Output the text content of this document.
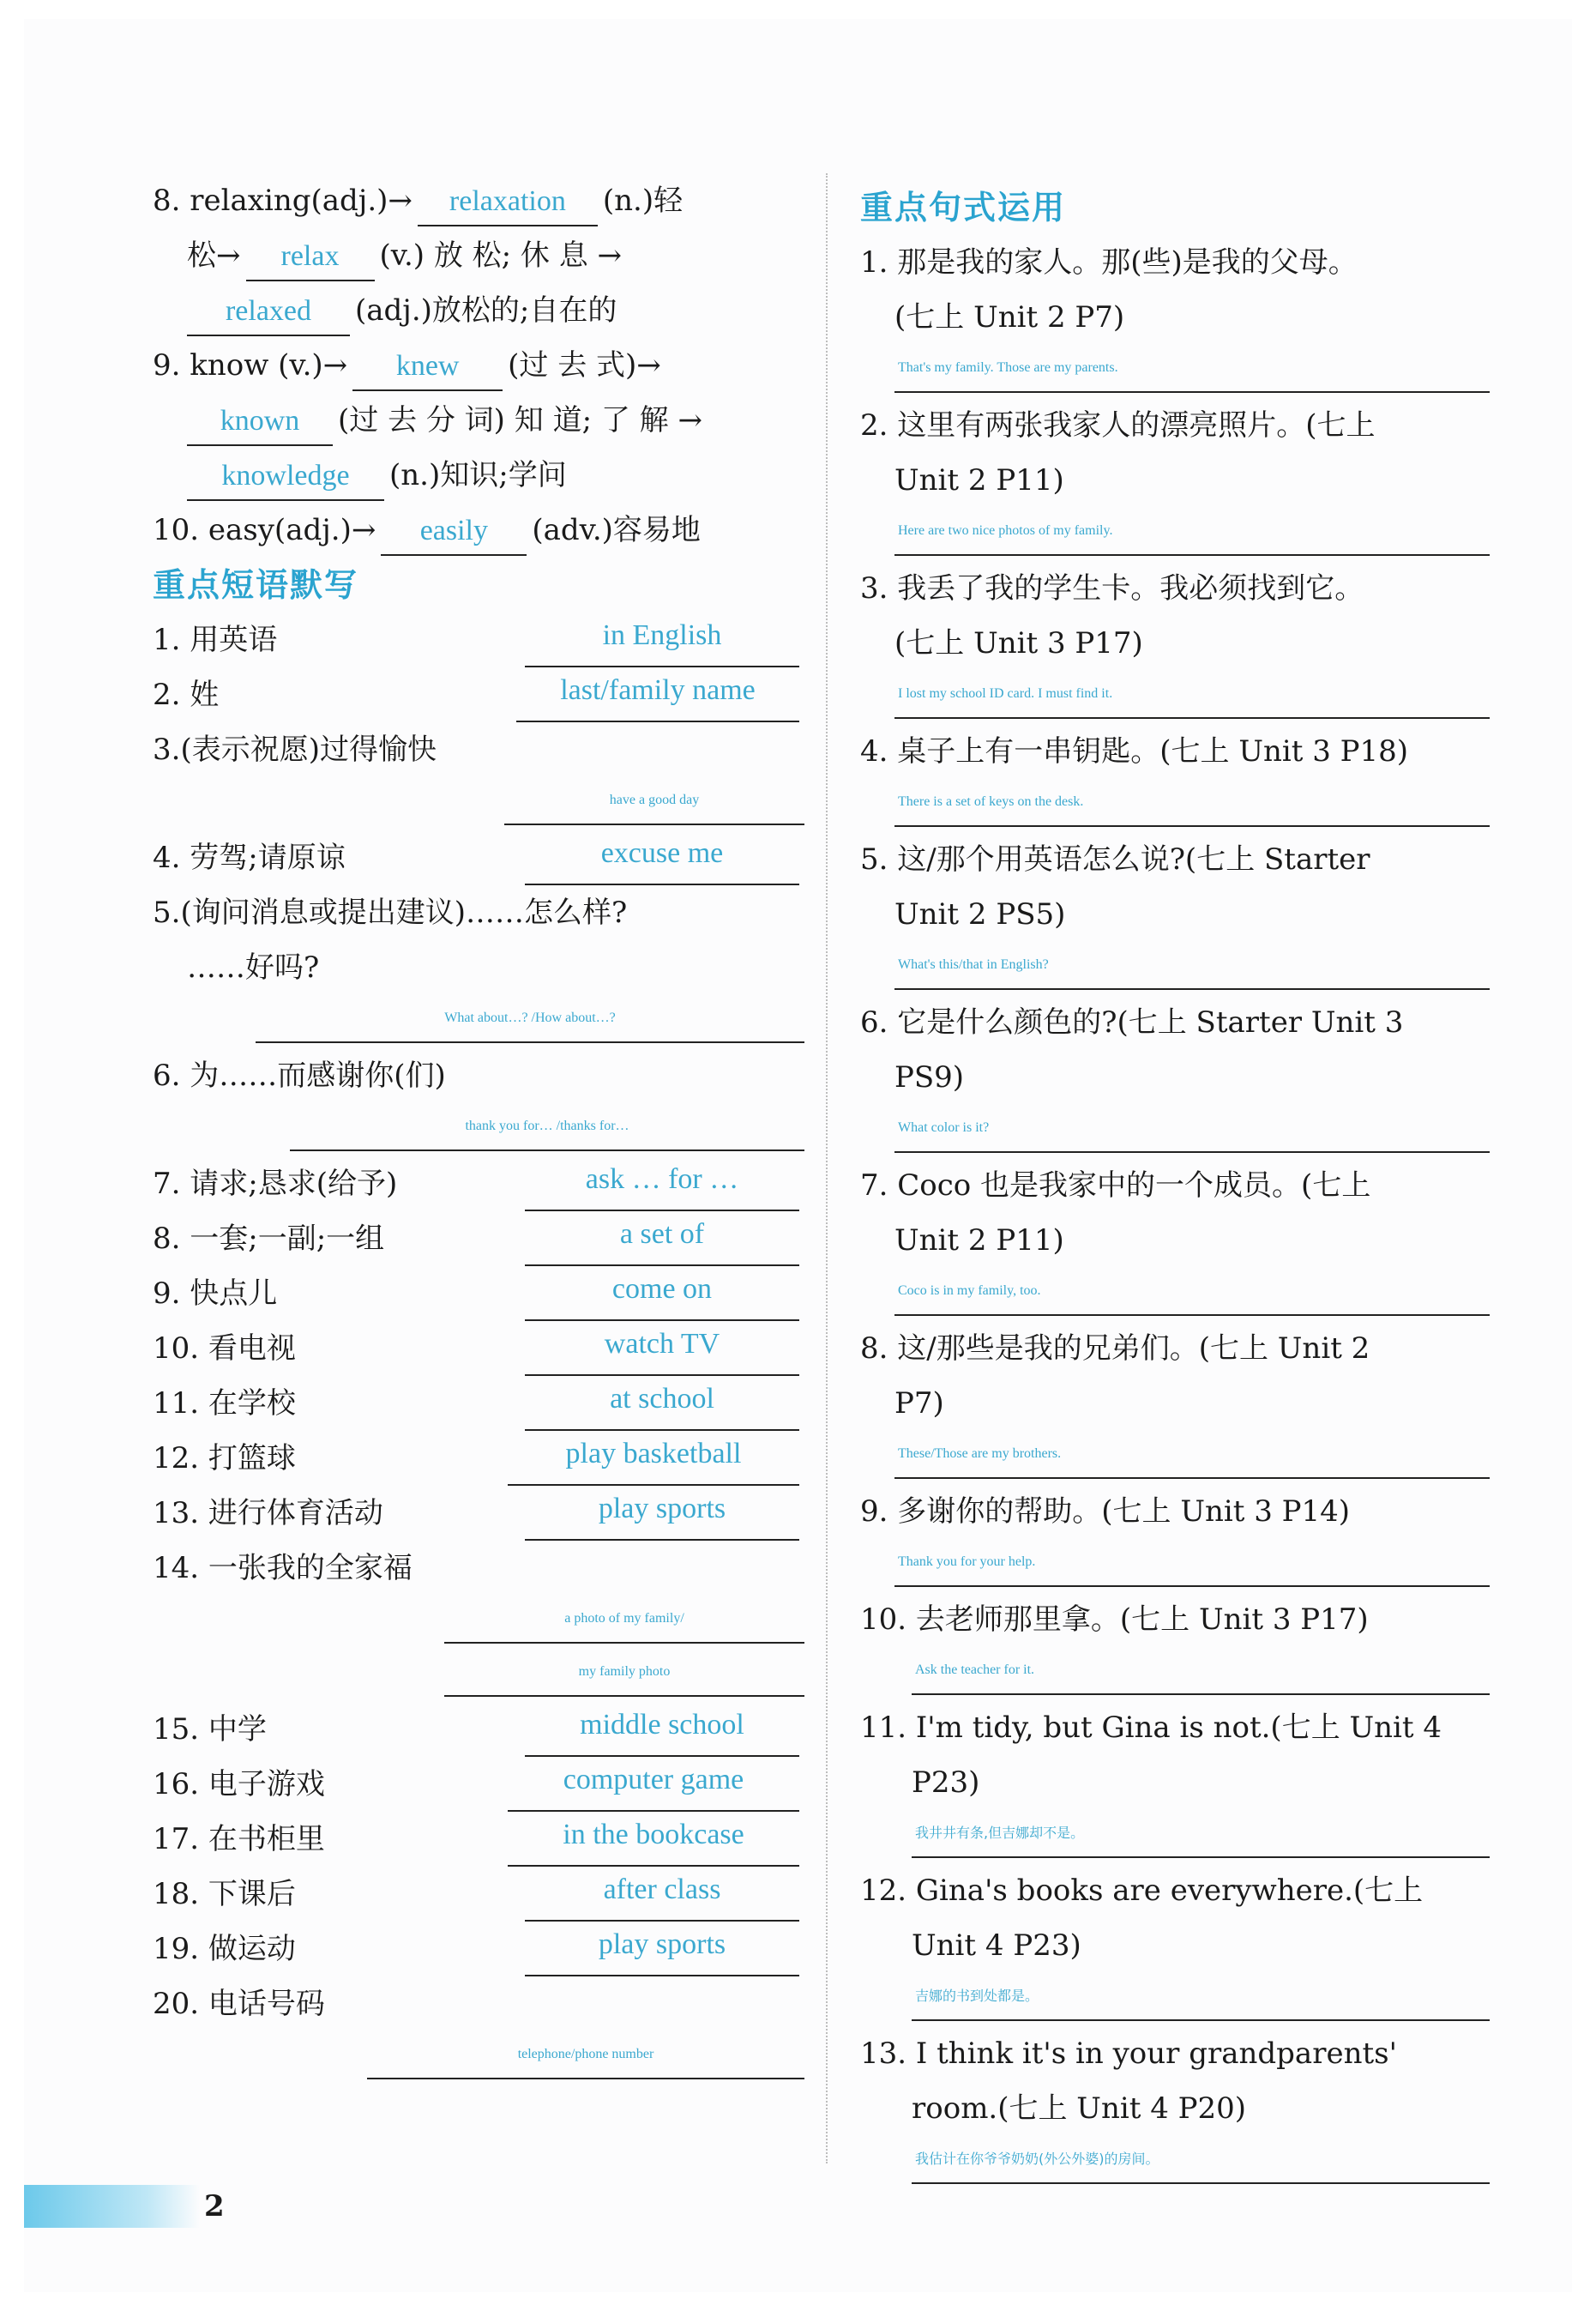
8. relaxing(adj.)→ relaxation (n.)轻
松→ relax (v.) 放 松; 休 息 →
relaxed (adj.)放松的;自在的
9. know (v.)→ knew (过 去 式)→
known (过 去 分 词) 知 道; 了 解 →
knowledge (n.)知识;学问
10. easy(adj.)→ easily (adv.)容易地
重点短语默写
1. 用英语	in English
2. 姓	last/family name
3.(表示祝愿)过得愉快
have a good day
4. 劳驾;请原谅	excuse me
5.(询问消息或提出建议)……怎么样?
……好吗?
What about…? /How about…?
6. 为……而感谢你(们)
thank you for… /thanks for…
7. 请求;恳求(给予)	ask … for …
8. 一套;一副;一组	a set of
9. 快点儿	come on
10. 看电视	watch TV
11. 在学校	at school
12. 打篮球	play basketball
13. 进行体育活动	play sports
14. 一张我的全家福
a photo of my family/
my family photo
15. 中学	middle school
16. 电子游戏	computer game
17. 在书柜里	in the bookcase
18. 下课后	after class
19. 做运动	play sports
20. 电话号码
telephone/phone number
重点句式运用
1. 那是我的家人。那(些)是我的父母。
(七上 Unit 2 P7)
That's my family. Those are my parents.
2. 这里有两张我家人的漂亮照片。(七上
Unit 2 P11)
Here are two nice photos of my family.
3. 我丢了我的学生卡。我必须找到它。
(七上 Unit 3 P17)
I lost my school ID card. I must find it.
4. 桌子上有一串钥匙。(七上 Unit 3 P18)
There is a set of keys on the desk.
5. 这/那个用英语怎么说?(七上 Starter
Unit 2 PS5)
What's this/that in English?
6. 它是什么颜色的?(七上 Starter Unit 3
PS9)
What color is it?
7. Coco 也是我家中的一个成员。(七上
Unit 2 P11)
Coco is in my family, too.
8. 这/那些是我的兄弟们。(七上 Unit 2
P7)
These/Those are my brothers.
9. 多谢你的帮助。(七上 Unit 3 P14)
Thank you for your help.
10. 去老师那里拿。(七上 Unit 3 P17)
Ask the teacher for it.
11. I'm tidy, but Gina is not.(七上 Unit 4
P23)
我井井有条,但吉娜却不是。
12. Gina's books are everywhere.(七上
Unit 4 P23)
吉娜的书到处都是。
13. I think it's in your grandparents'
room.(七上 Unit 4 P20)
我估计在你爷爷奶奶(外公外婆)的房间。
2
